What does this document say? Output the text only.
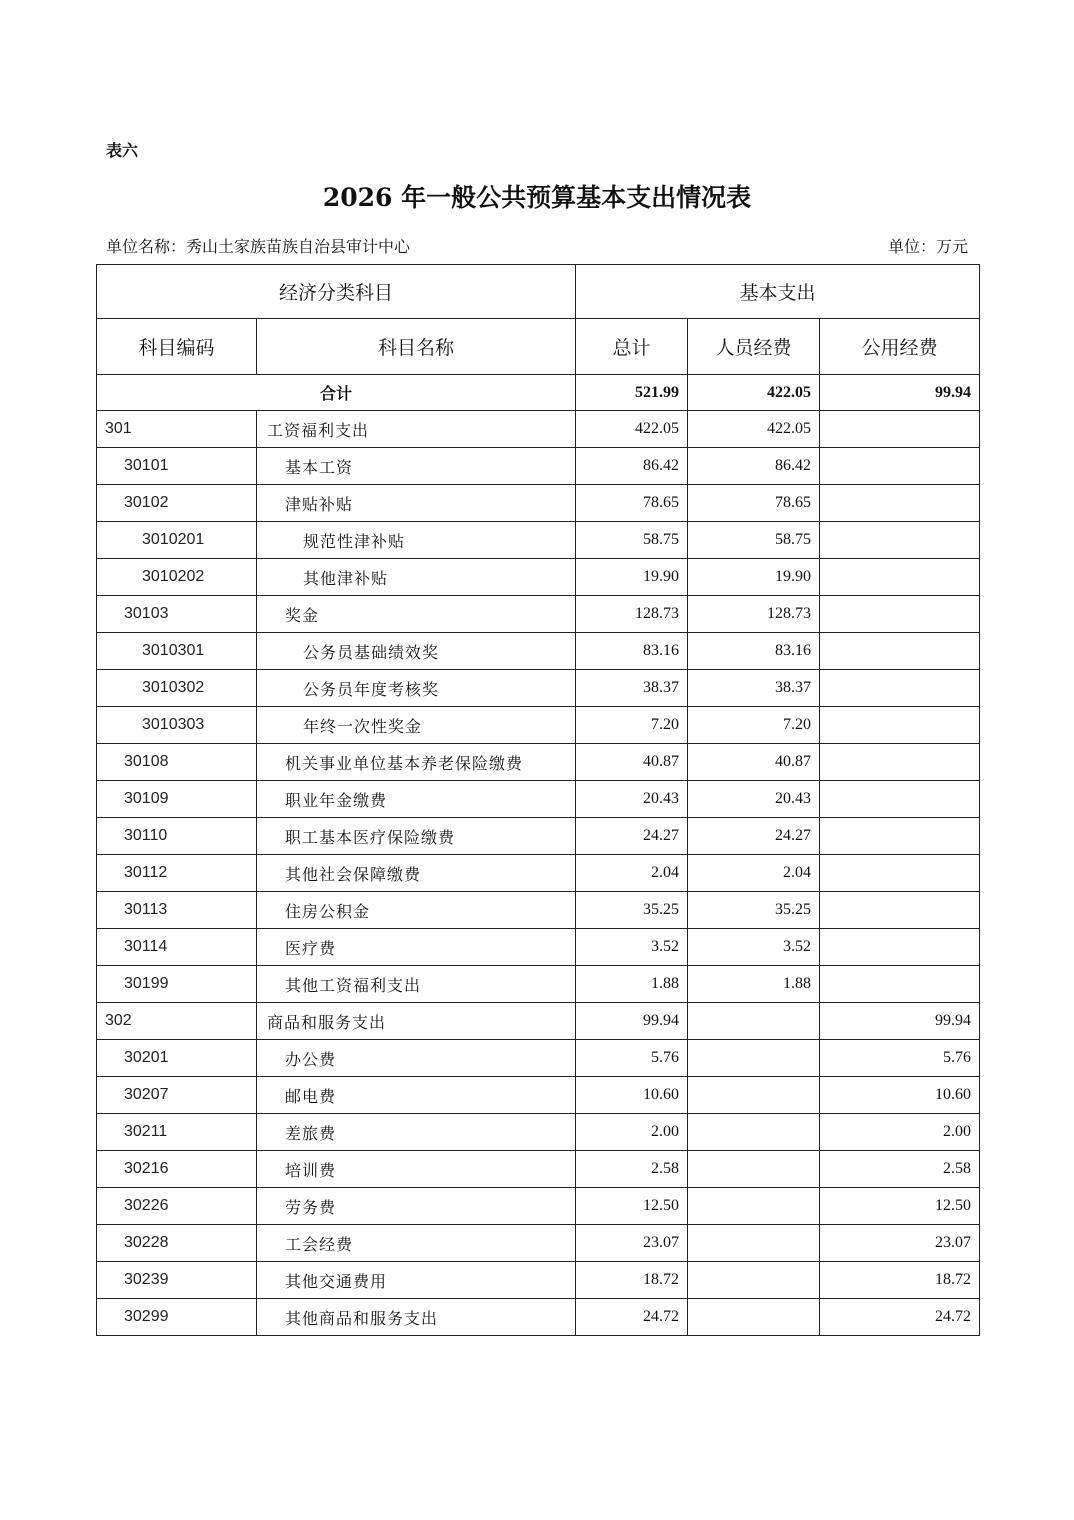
表六
2026 年一般公共预算基本支出情况表
单位名称：秀山土家族苗族自治县审计中心	单位：万元
经济分类科目		基本支出		
科目编码	科目名称	总计	人员经费	公用经费
合计		521.99	422.05	99.94
301	工资福利支出	422.05	422.05	
30101	基本工资	86.42	86.42	
30102	津贴补贴	78.65	78.65	
3010201	规范性津补贴	58.75	58.75	
3010202	其他津补贴	19.90	19.90	
30103	奖金	128.73	128.73	
3010301	公务员基础绩效奖	83.16	83.16	
3010302	公务员年度考核奖	38.37	38.37	
3010303	年终一次性奖金	7.20	7.20	
30108	机关事业单位基本养老保险缴费	40.87	40.87	
30109	职业年金缴费	20.43	20.43	
30110	职工基本医疗保险缴费	24.27	24.27	
30112	其他社会保障缴费	2.04	2.04	
30113	住房公积金	35.25	35.25	
30114	医疗费	3.52	3.52	
30199	其他工资福利支出	1.88	1.88	
302	商品和服务支出	99.94		99.94
30201	办公费	5.76		5.76
30207	邮电费	10.60		10.60
30211	差旅费	2.00		2.00
30216	培训费	2.58		2.58
30226	劳务费	12.50		12.50
30228	工会经费	23.07		23.07
30239	其他交通费用	18.72		18.72
30299	其他商品和服务支出	24.72		24.72
